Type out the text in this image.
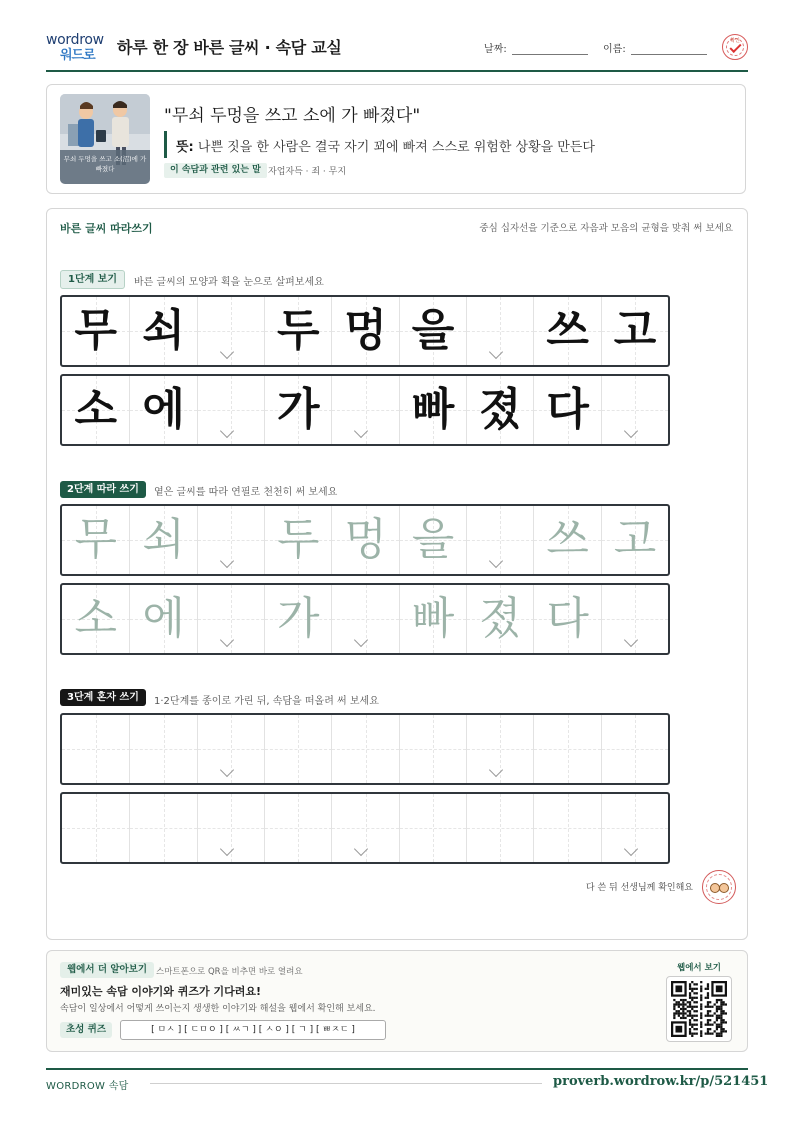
wordrow
워드로 하루 한 장 바른 글씨 · 속담 교실	날짜:	이름:
확인
무쇠 두멍을 쓰고 소(沼)에 가 빠졌다
"무쇠 두멍을 쓰고 소에 가 빠졌다"
뜻: 나쁜 짓을 한 사람은 결국 자기 꾀에 빠져 스스로 위험한 상황을 만든다
이 속담과 관련 있는 말 자업자득 · 죄 · 무지
바른 글씨 따라쓰기	중심 십자선을 기준으로 자음과 모음의 균형을 맞춰 써 보세요
1단계 보기	바른 글씨의 모양과 획을 눈으로 살펴보세요
무 쇠 두 멍 을 쓰 고
소 에 가 빠 졌 다
2단계 따라 쓰기	옅은 글씨를 따라 연필로 천천히 써 보세요
무 쇠 두 멍 을 쓰 고
소 에 가 빠 졌 다
3단계 혼자 쓰기	1·2단계를 종이로 가린 뒤, 속담을 떠올려 써 보세요
다 쓴 뒤 선생님께 확인해요
웹에서 더 알아보기	스마트폰으로 QR을 비추면 바로 열려요
재미있는 속담 이야기와 퀴즈가 기다려요!
속담이 일상에서 어떻게 쓰이는지 생생한 이야기와 해설을 웹에서 확인해 보세요.
초성 퀴즈	[ ㅁㅅ ] [ ㄷㅁㅇ ] [ ㅆㄱ ] [ ㅅㅇ ] [ ㄱ ] [ ㅃㅈㄷ ]
웹에서 보기
WORDROW 속담	proverb.wordrow.kr/p/521451
